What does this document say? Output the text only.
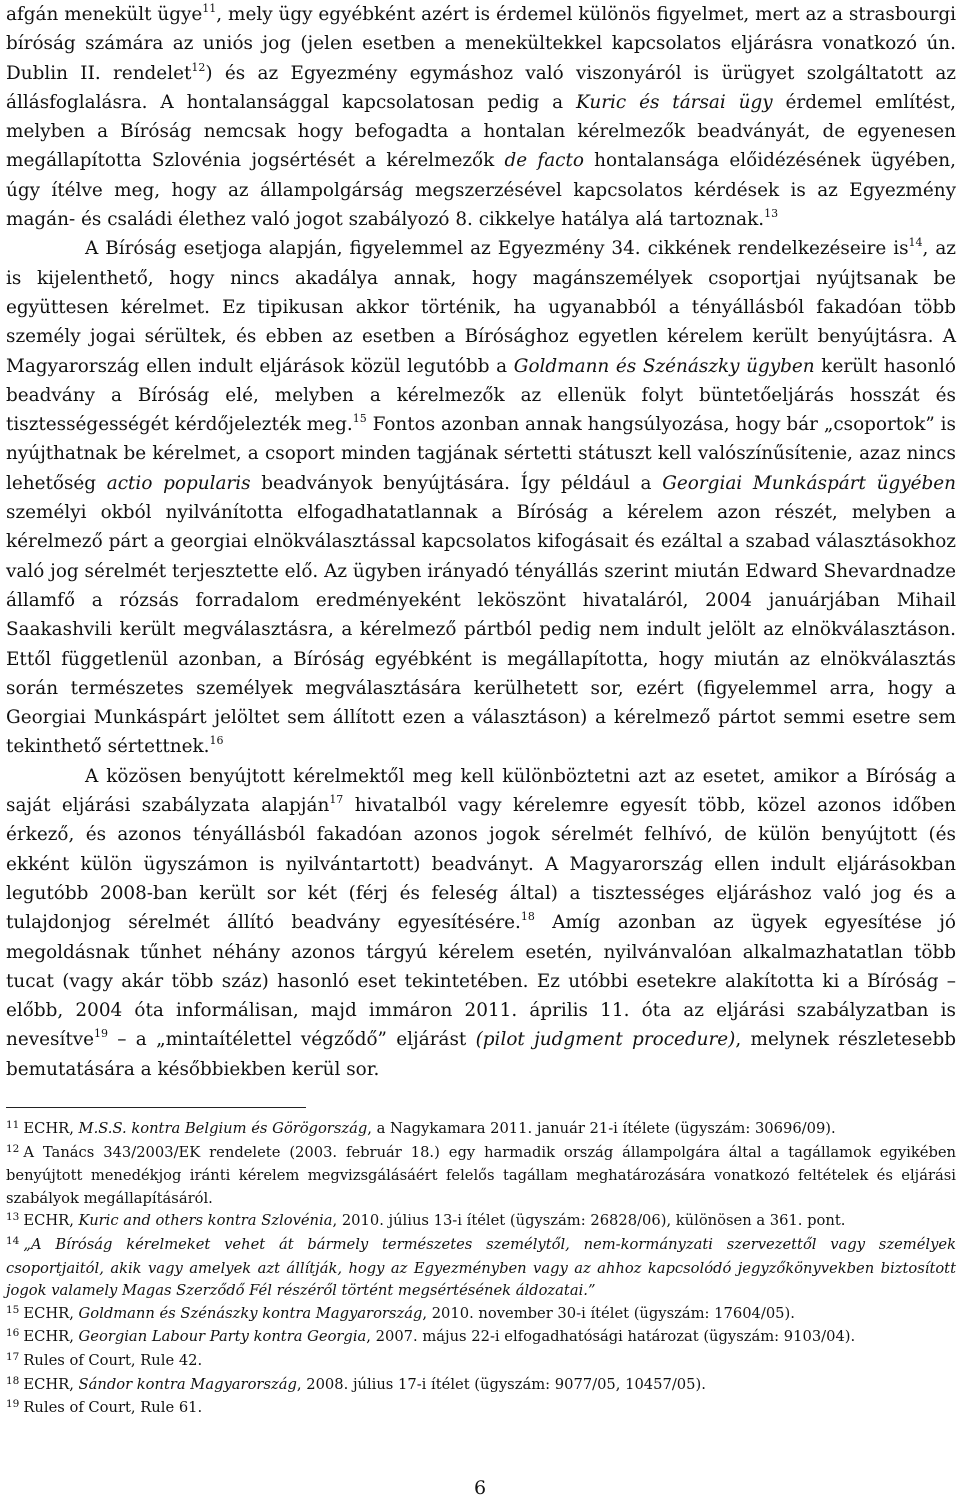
afgán menekült ügye$^{11}$, mely ügy egyébként azért is érdemel különös figyelmet, mert az a strasbourgi bíróság számára az uniós jog (jelen esetben a menekültekkel kapcsolatos eljárásra vonatkozó ún. Dublin II. rendelet$^{12}$) és az Egyezmény egymáshoz való viszonyáról is ürügyet szolgáltatott az állásfoglalásra. A hontalansággal kapcsolatosan pedig a Kuric és társai ügy érdemel említést, melyben a Bíróság nemcsak hogy befogadta a hontalan kérelmezők beadványát, de egyenesen megállapította Szlovénia jogsértését a kérelmezők de facto hontalansága előidézésének ügyében, úgy ítélve meg, hogy az állampolgárság megszerzésével kapcsolatos kérdések is az Egyezmény magán- és családi élethez való jogot szabályozó 8. cikkelye hatálya alá tartoznak.$^{13}$

A Bíróság esetjoga alapján, figyelemmel az Egyezmény 34. cikkének rendelkezéseire $is^{14}$, az is kijelenthető, hogy nincs akadálya annak, hogy magánszemélyek csoportjai nyújtsanak be együttesen kérelmet. Ez tipikusan akkor történik, ha ugyanabból a tényállásból fakadóan több személy jogai sérültek, és ebben az esetben a Bírósághoz egyetlen kérelem került benyújtásra. A Magyarország ellen indult eljárások közül legutóbb a Goldmann és Szénászky ügyben került hasonló beadvány a Bíróság elé, melyben a kérelmezők az ellenük folyt büntetőeljárás hosszát és tisztességességét kérdőjelezték meg.$^{15}$ Fontos azonban annak hangsúlyozása, hogy bár „csoportok” is nyújthatnak be kérelmet, a csoport minden tagjának sértetti státuszt kell valószínűsítenie, azaz nincs lehetőség actio popularis beadványok benyújtására. Így például a Georgiai Munkáspárt ügyében személyi okból nyilvánította elfogadhatatlannak a Bíróság a kérelem azon részét, melyben a kérelmező párt a georgiai elnökválasztással kapcsolatos kifogásait és ezáltal a szabad választásokhoz való jog sérelmét terjesztette elő. Az ügyben irányadó tényállás szerint miután Edward Shevardnadze államfő a rózsás forradalom eredményeként leköszönt hivataláról, 2004 januárjában Mihail Saakashvili került megválasztásra, a kérelmező pártból pedig nem indult jelölt az elnökválasztáson. Ettől függetlenül azonban, a Bíróság egyébként is megállapította, hogy miután az elnökválasztás során természetes személyek megválasztására kerülhetett sor, ezért (figyelemmel arra, hogy a Georgiai Munkáspárt jelöltet sem állított ezen a választáson) a kérelmező pártot semmi esetre sem tekinthető sértettnek.$^{16}$

A közösen benyújtott kérelmektől meg kell különböztetni azt az esetet, amikor a Bíróság a saját eljárási szabályzata alapján$^{17}$ hivatalból vagy kérelemre egyesít több, közel azonos időben érkező, és azonos tényállásból fakadóan azonos jogok sérelmét felhívó, de külön benyújtott (és ekként külön ügyszámon is nyilvántartott) beadványt. A Magyarország ellen indult eljárásokban legutóbb 2008-ban került sor két (férj és feleség által) a tisztességes eljáráshoz való jog és a tulajdonjog sérelmét állító beadvány egyesítésére.$^{18}$ Amíg azonban az ügyek egyesítése jó megoldásnak tűnhet néhány azonos tárgyú kérelem esetén, nyilvánvalóan alkalmazhatatlan több tucat (vagy akár több száz) hasonló eset tekintetében. Ez utóbbi esetekre alakította ki a Bíróság – előbb, 2004 óta informálisan, majd immáron 2011. április 11. óta az eljárási szabályzatban is nevesítve$^{19}$ – a „mintaítélettel végződő” eljárást (pilot judgment procedure), melynek részletesebb bemutatására a későbbiekben kerül sor.

$^{11}$ ECHR, M.S.S. kontra Belgium és Görögország, a Nagykamara 2011. január 21-i ítélete (ügyszám: 30696/09).
$^{12}$ A Tanács 343/2003/EK rendelete (2003. február 18.) egy harmadik ország állampolgára által a tagállamok egyikében benyújtott menedékjog iránti kérelem megvizsgálásáért felelős tagállam meghatározására vonatkozó feltételek és eljárási szabályok megállapításáról.
$^{13}$ ECHR, Kuric and others kontra Szlovénia, 2010. július 13-i ítélet (ügyszám: 26828/06), különösen a 361. pont.
$^{14}$ „A Bíróság kérelmeket vehet át bármely természetes személytől, nem-kormányzati szervezettől vagy személyek csoportjaitól, akik vagy amelyek azt állítják, hogy az Egyezményben vagy az ahhoz kapcsolódó jegyzőkönyvekben biztosított jogok valamely Magas Szerződő Fél részéről történt megsértésének áldozatai.”
$^{15}$ ECHR, Goldmann és Szénászky kontra Magyarország, 2010. november 30-i ítélet (ügyszám: 17604/05).
$^{16}$ ECHR, Georgian Labour Party kontra Georgia, 2007. május 22-i elfogadhatósági határozat (ügyszám: 9103/04).
$^{17}$ Rules of Court, Rule 42.
$^{18}$ ECHR, Sándor kontra Magyarország, 2008. július 17-i ítélet (ügyszám: 9077/05, 10457/05).
$^{19}$ Rules of Court, Rule 61.
6
